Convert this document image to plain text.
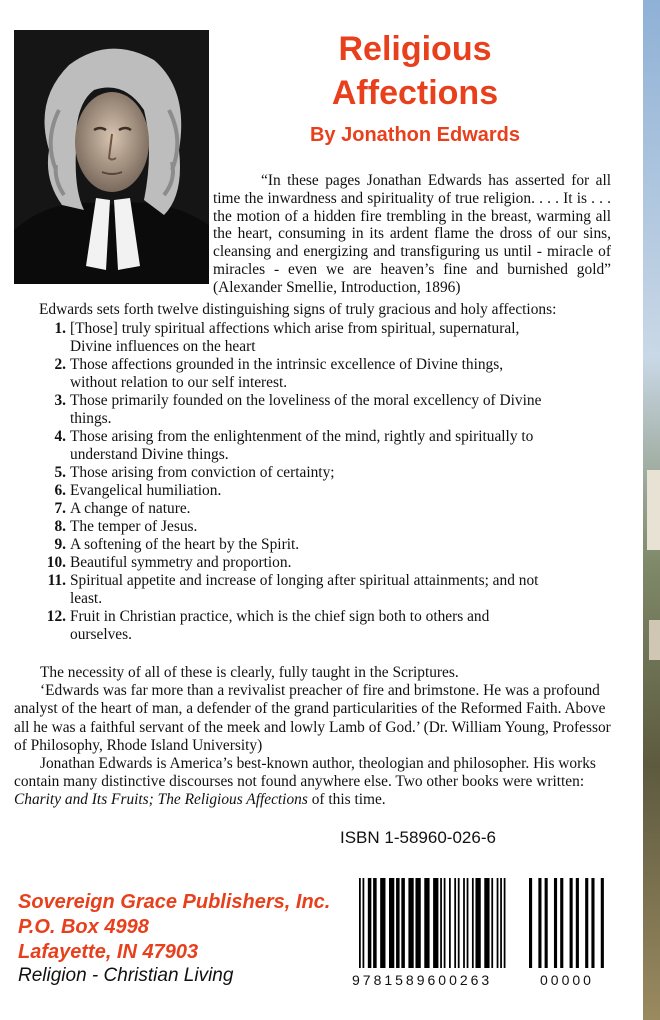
Religious
Affections
By Jonathon Edwards

“In these pages Jonathan Edwards has asserted for all time the inwardness and spirituality of true religion. . . . It is . . . the motion of a hidden fire trembling in the breast, warming all the heart, consuming in its ardent flame the dross of our sins, cleansing and energizing and transfiguring us until - miracle of miracles - even we are heaven’s fine and burnished gold” (Alexander Smellie, Introduction, 1896)

Edwards sets forth twelve distinguishing signs of truly gracious and holy affections:

1. [Those] truly spiritual affections which arise from spiritual, supernatural, Divine influences on the heart
2. Those affections grounded in the intrinsic excellence of Divine things, without relation to our self interest.
3. Those primarily founded on the loveliness of the moral excellency of Divine things.
4. Those arising from the enlightenment of the mind, rightly and spiritually to understand Divine things.
5. Those arising from conviction of certainty;
6. Evangelical humiliation.
7. A change of nature.
8. The temper of Jesus.
9. A softening of the heart by the Spirit.
10. Beautiful symmetry and proportion.
11. Spiritual appetite and increase of longing after spiritual attainments; and not least.
12. Fruit in Christian practice, which is the chief sign both to others and ourselves.

The necessity of all of these is clearly, fully taught in the Scriptures.

‘Edwards was far more than a revivalist preacher of fire and brimstone. He was a profound analyst of the heart of man, a defender of the grand particularities of the Reformed Faith. Above all he was a faithful servant of the meek and lowly Lamb of God.’ (Dr. William Young, Professor of Philosophy, Rhode Island University)

Jonathan Edwards is America’s best-known author, theologian and philosopher. His works contain many distinctive discourses not found anywhere else. Two other books were written: Charity and Its Fruits; The Religious Affections of this time.

ISBN 1-58960-026-6
Sovereign Grace Publishers, Inc.
P.O. Box 4998
Lafayette, IN 47903
Religion - Christian Living	9781589600263	00000
